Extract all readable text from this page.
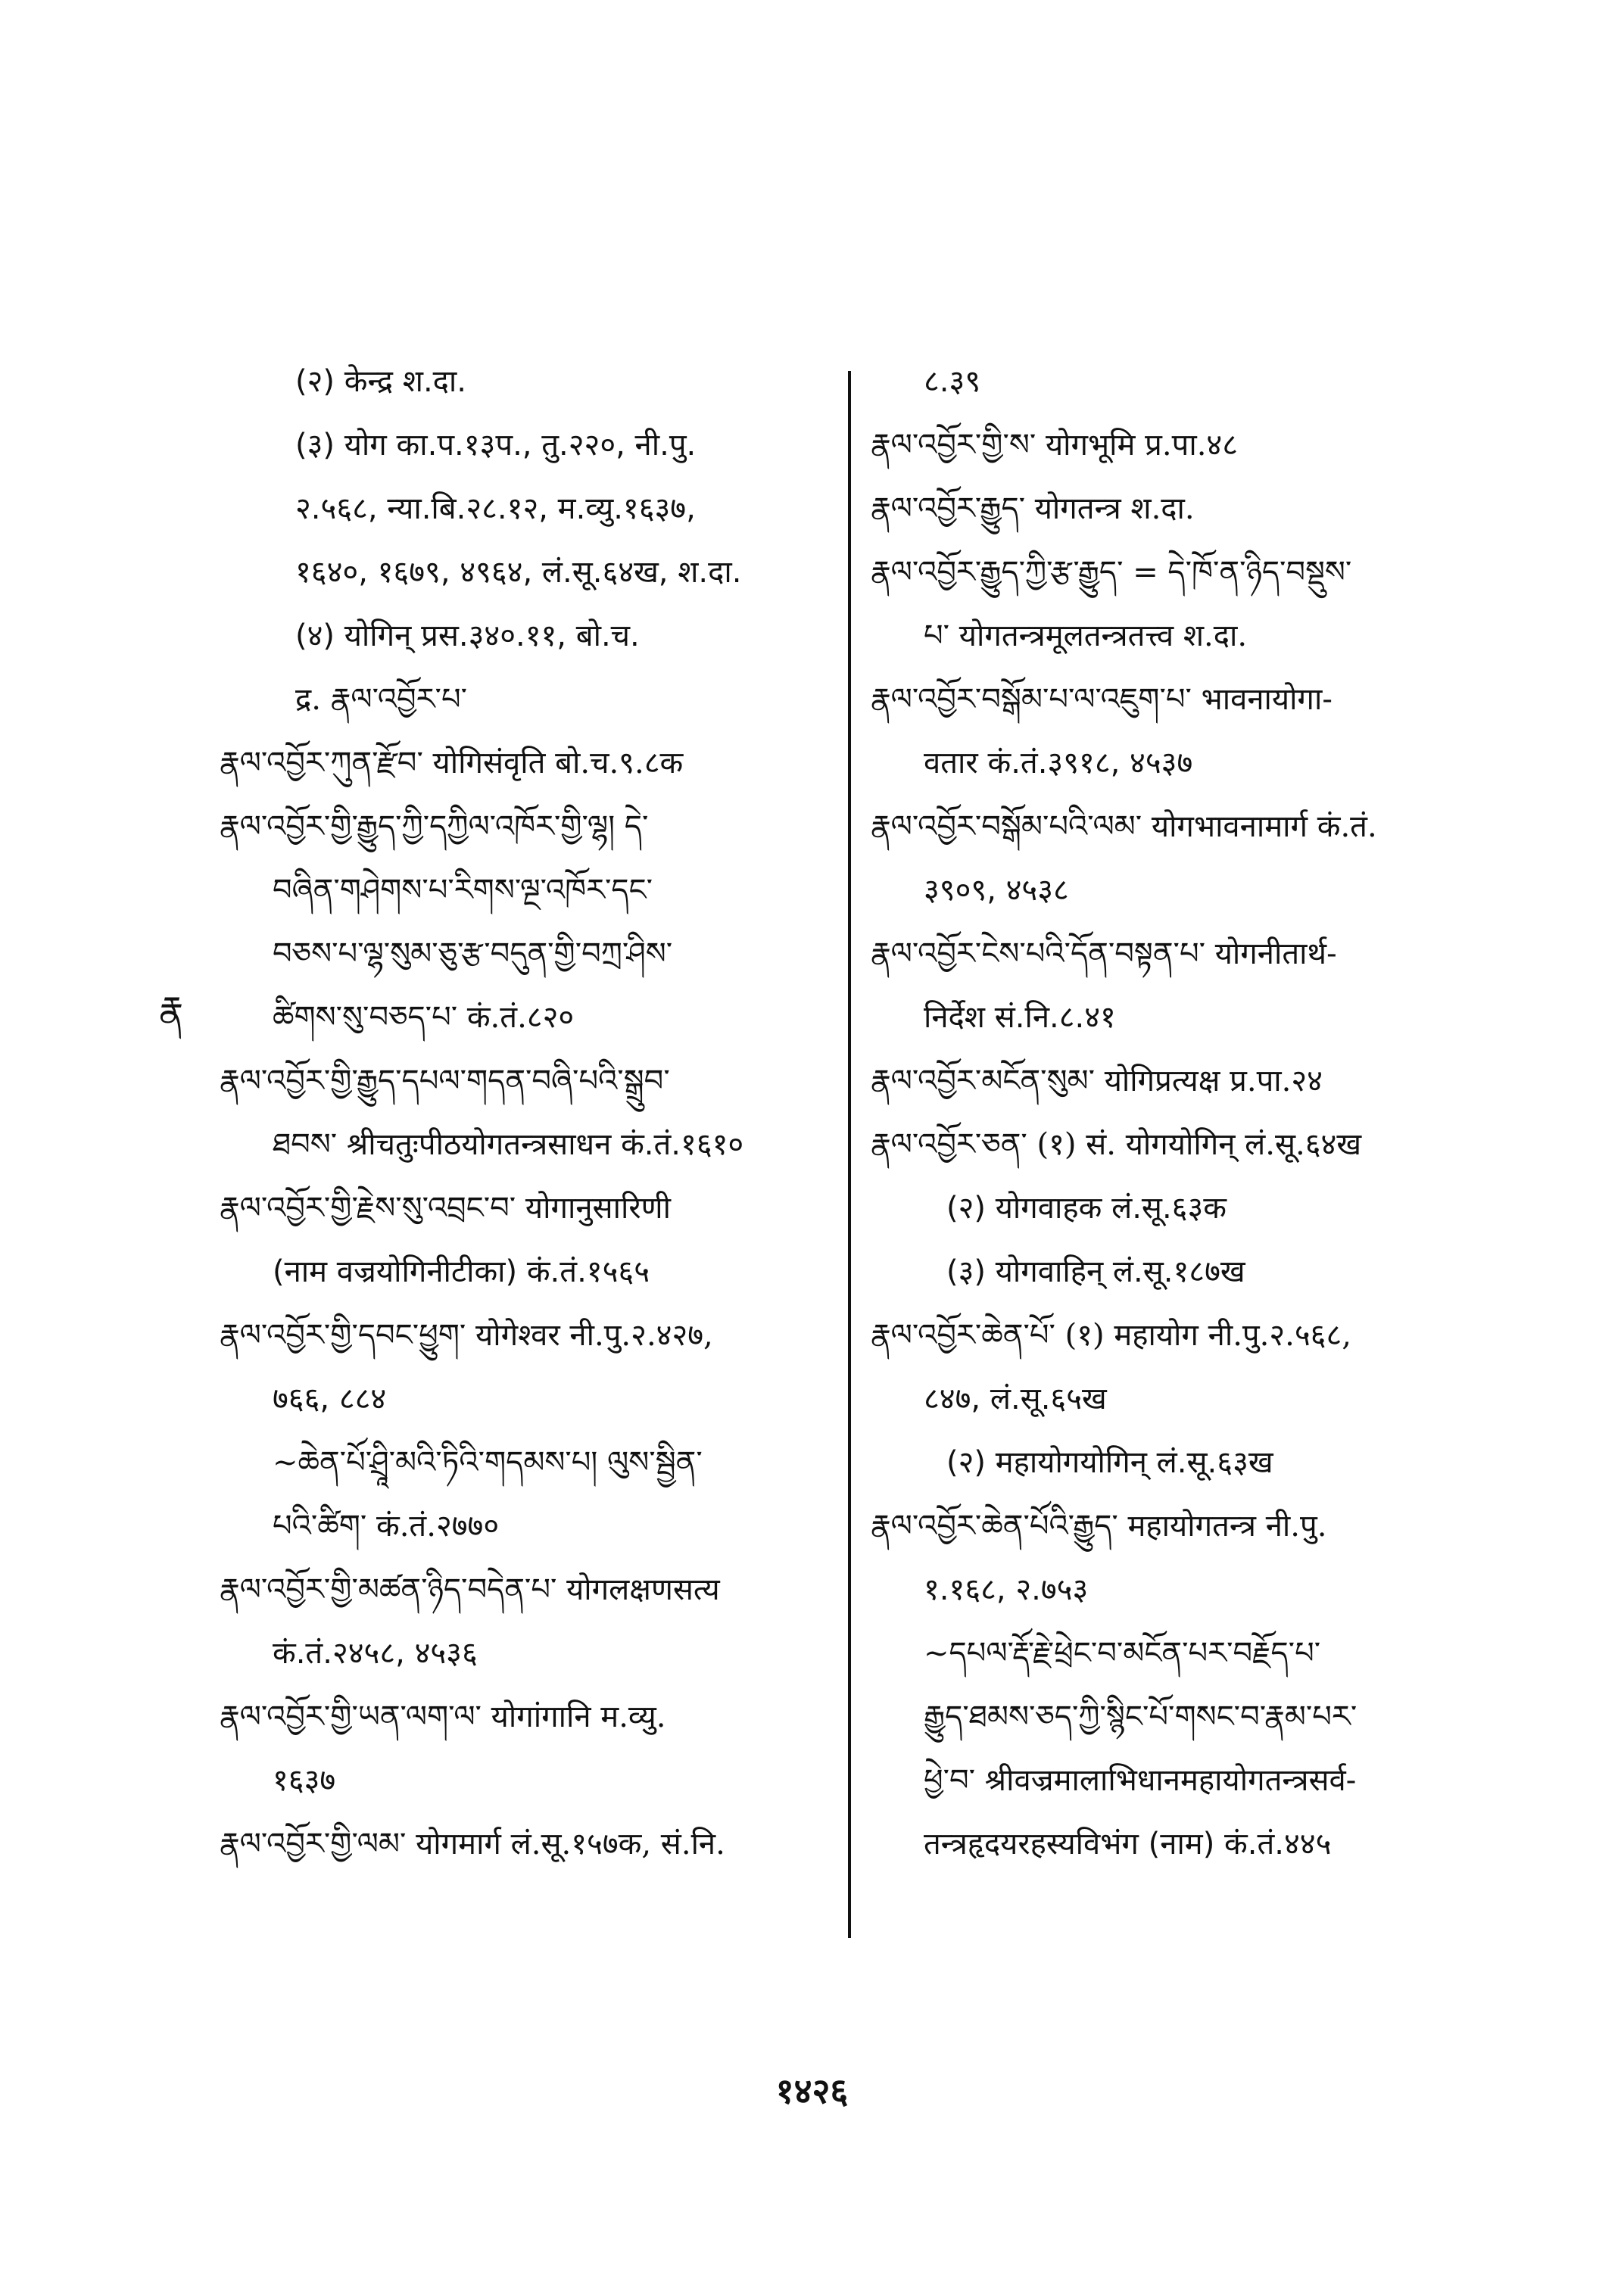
(२) केन्द्र श.दा.
(३) योग का.प.१३प., तु.२२०, नी.पु.
२.५६८, न्या.बि.२८.१२, म.व्यु.१६३७,
१६४०, १६७९, ४९६४, लं.सू.६४ख, श.दा.
(४) योगिन् प्रस.३४०.११, बो.च.
द्र. རྣལ་འབྱོར་པ་
རྣལ་འབྱོར་ཀུན་རྫོབ་ योगिसंवृति बो.च.९.८क
རྣལ་འབྱོར་གྱི་རྒྱུད་ཀྱི་དཀྱིལ་འཁོར་གྱི་ལྷ། དེ་
བཞིན་གཤེགས་པ་རིགས་ལྔ་འཁོར་དང་
བཅས་པ་ལྷ་སུམ་ཅུ་རྩ་བདུན་གྱི་བཀྲ་ཤིས་
ཚིགས་སུ་བཅད་པ་ कं.तं.८२०
རྣལ་འབྱོར་གྱི་རྒྱུད་དཔལ་གདན་བཞི་པའི་སྒྲུབ་
ཐབས་ श्रीचतुःपीठयोगतन्त्रसाधन कं.तं.१६१०
རྣལ་འབྱོར་གྱི་རྗེས་སུ་འབྲང་བ་ योगानुसारिणी
(नाम वज्रयोगिनीटीका) कं.तं.१५६५
རྣལ་འབྱོར་གྱི་དབང་ཕྱུག་ योगेश्वर नी.पु.२.४२७,
७६६, ८८४
~ཆེན་པོ་ཤྲཱི་མའི་ཏིའི་གདམས་པ། ལུས་སྦྱིན་
པའི་ཚིག་ कं.तं.२७७०
རྣལ་འབྱོར་གྱི་མཚན་ཉིད་བདེན་པ་ योगलक्षणसत्य
कं.तं.२४५८, ४५३६
རྣལ་འབྱོར་གྱི་ཡན་ལག་ལ་ योगांगानि म.व्यु.
१६३७
རྣལ་འབྱོར་གྱི་ལམ་ योगमार्ग लं.सू.१५७क, सं.नि.
८.३९
རྣལ་འབྱོར་གྱི་ས་ योगभूमि प्र.पा.४८
རྣལ་འབྱོར་རྒྱུད་ योगतन्त्र श.दा.
རྣལ་འབྱོར་རྒྱུད་ཀྱི་རྩ་རྒྱུད་ = དེ་ཁོ་ན་ཉིད་བསྡུས་
པ་ योगतन्त्रमूलतन्त्रतत्त्व श.दा.
རྣལ་འབྱོར་བསྒོམ་པ་ལ་འཇུག་པ་ भावनायोगा-
वतार कं.तं.३९१८, ४५३७
རྣལ་འབྱོར་བསྒོམ་པའི་ལམ་ योगभावनामार्ग कं.तं.
३९०९, ४५३८
རྣལ་འབྱོར་ངེས་པའི་དོན་བསྟན་པ་ योगनीतार्थ-
निर्देश सं.नि.८.४१
རྣལ་འབྱོར་མངོན་སུམ་ योगिप्रत्यक्ष प्र.पा.२४
རྣལ་འབྱོར་ཅན་ (१) सं. योगयोगिन् लं.सू.६४ख
(२) योगवाहक लं.सू.६३क
(३) योगवाहिन् लं.सू.१८७ख
རྣལ་འབྱོར་ཆེན་པོ་ (१) महायोग नी.पु.२.५६८,
८४७, लं.सू.६५ख
(२) महायोगयोगिन् लं.सू.६३ख
རྣལ་འབྱོར་ཆེན་པོའི་རྒྱུད་ महायोगतन्त्र नी.पु.
१.१६८, २.७५३
~དཔལ་རྡོ་རྗེ་ཕྲེང་བ་མངོན་པར་བརྗོད་པ་
རྒྱུད་ཐམས་ཅད་ཀྱི་སྙིང་པོ་གསང་བ་རྣམ་པར་
ཕྱེ་བ་ श्रीवज्रमालाभिधानमहायोगतन्त्रसर्व-
तन्त्रहृदयरहस्यविभंग (नाम) कं.तं.४४५
རྣ
१४२६
